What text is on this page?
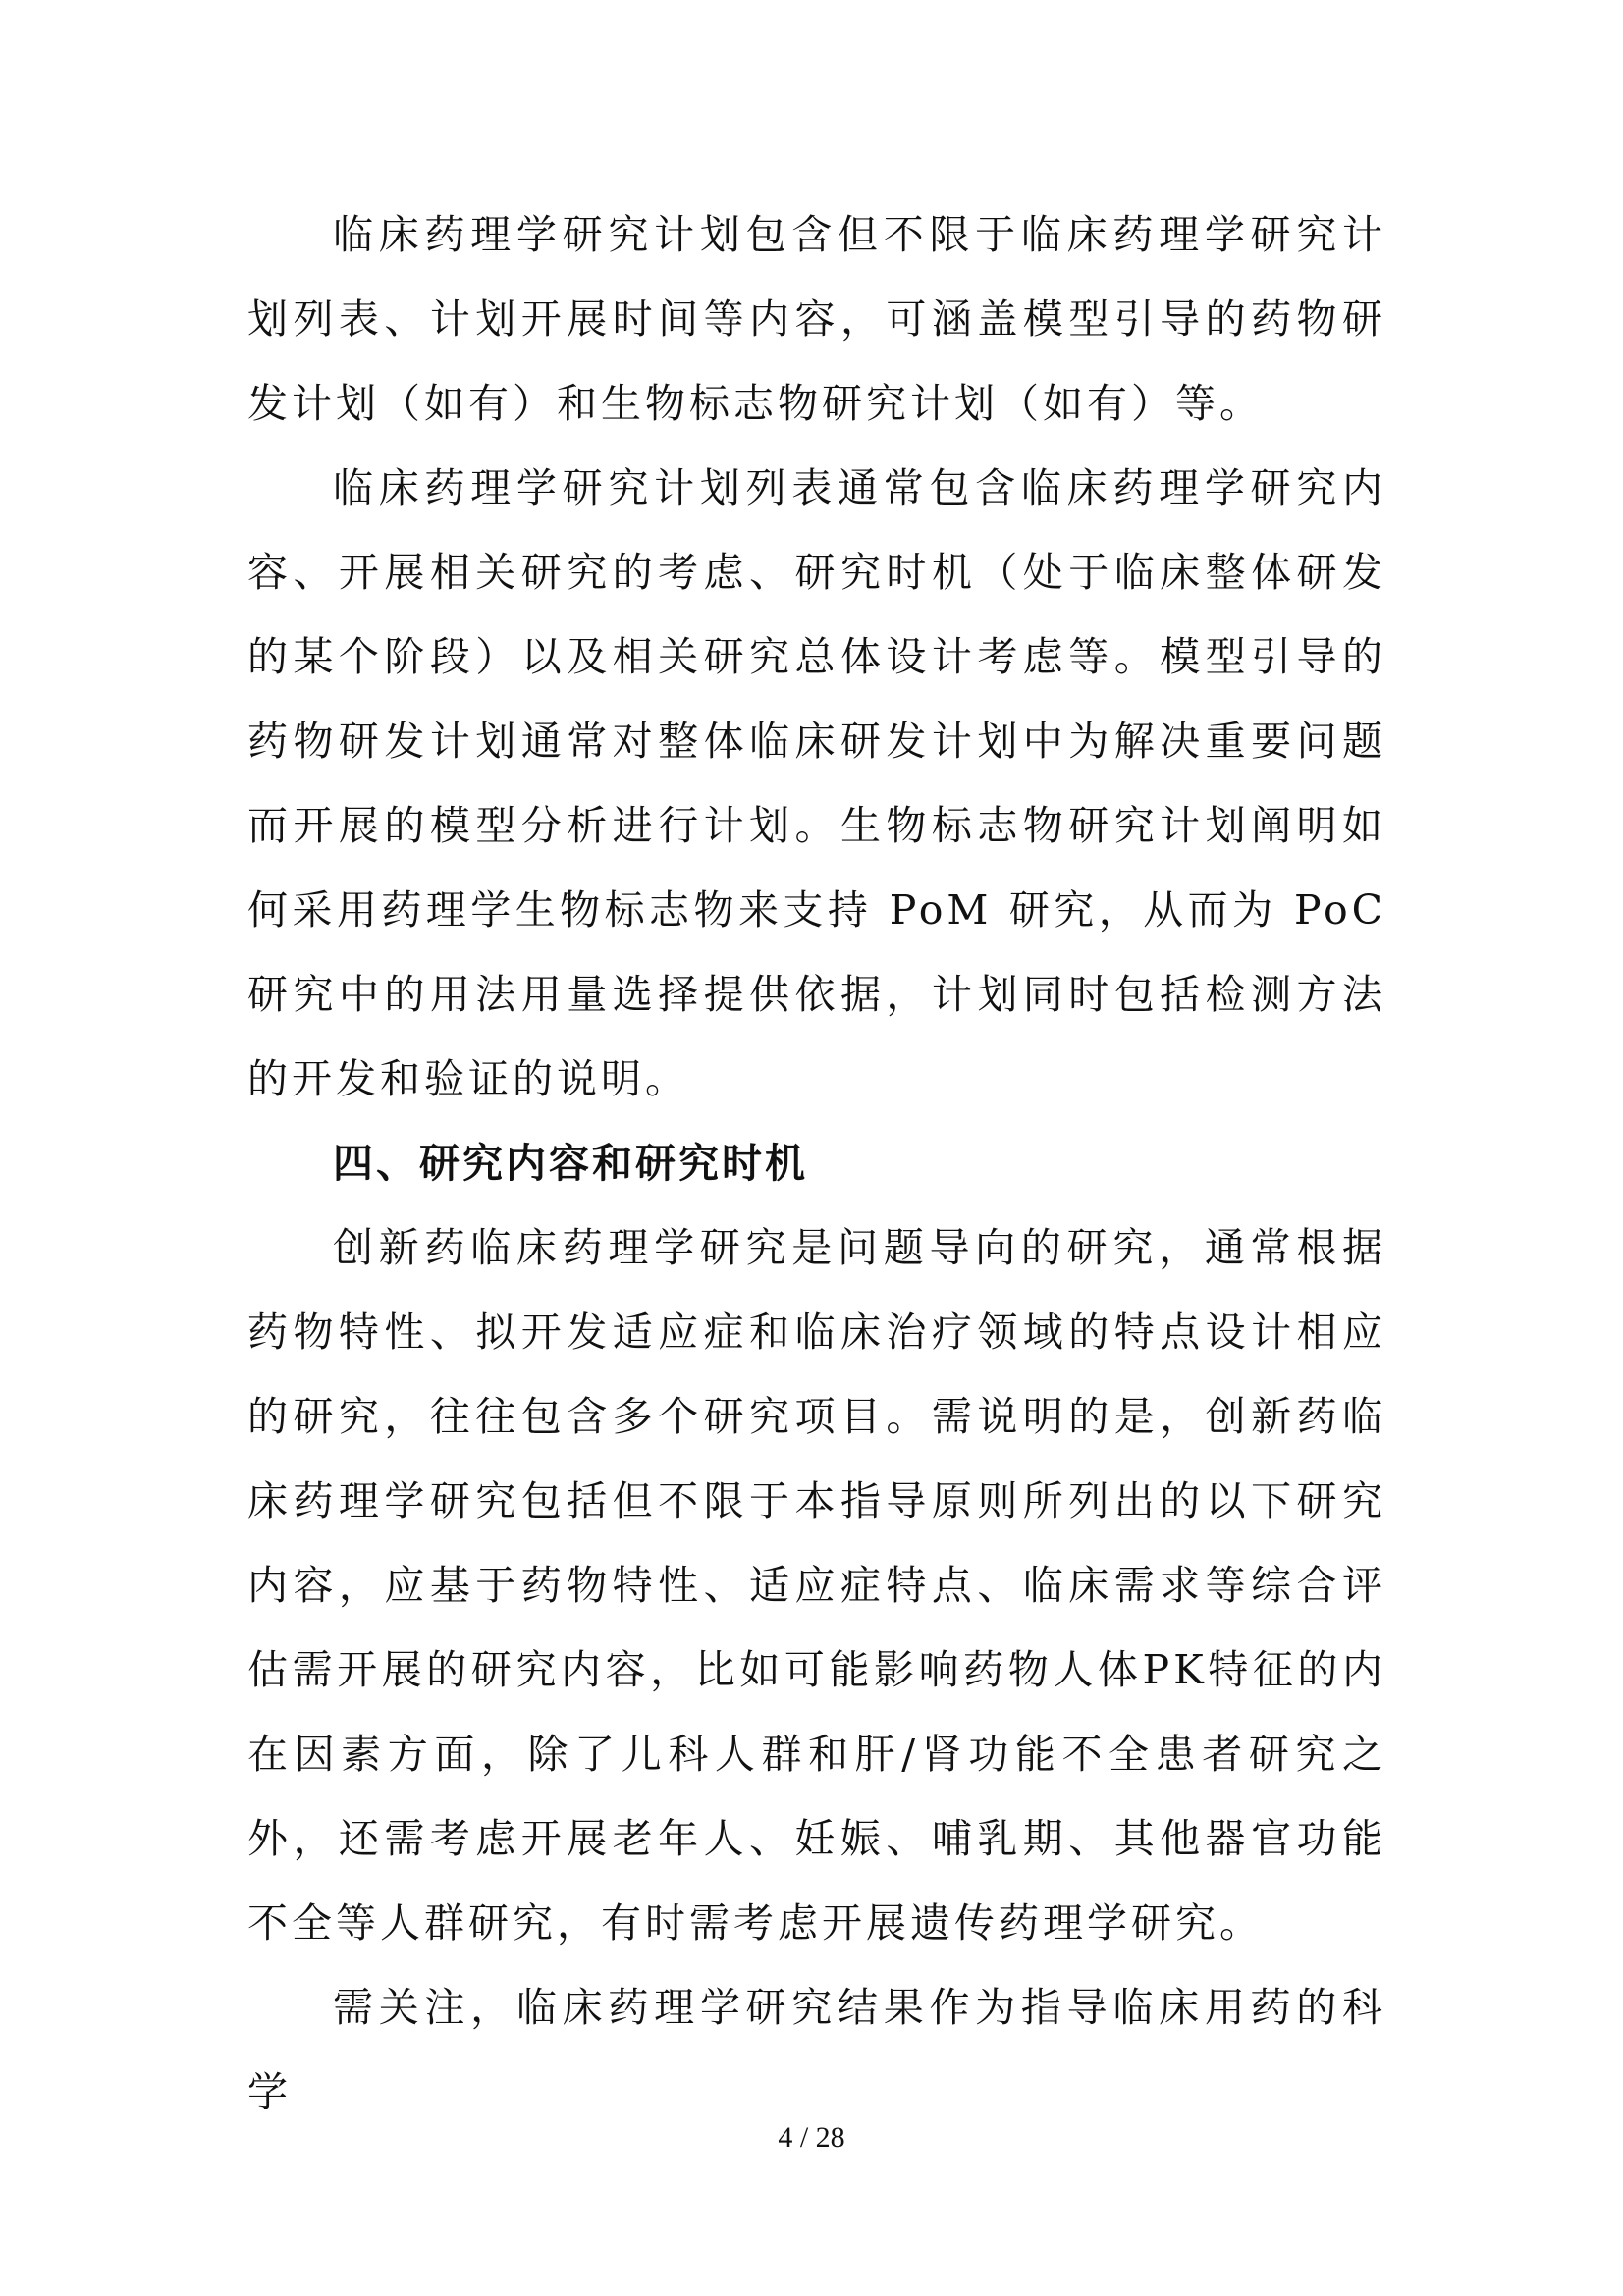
临床药理学研究计划包含但不限于临床药理学研究计划列表、计划开展时间等内容，可涵盖模型引导的药物研发计划（如有）和生物标志物研究计划（如有）等。

临床药理学研究计划列表通常包含临床药理学研究内容、开展相关研究的考虑、研究时机（处于临床整体研发的某个阶段）以及相关研究总体设计考虑等。模型引导的药物研发计划通常对整体临床研发计划中为解决重要问题而开展的模型分析进行计划。生物标志物研究计划阐明如何采用药理学生物标志物来支持 PoM 研究，从而为 PoC 研究中的用法用量选择提供依据，计划同时包括检测方法的开发和验证的说明。

四、研究内容和研究时机

创新药临床药理学研究是问题导向的研究，通常根据药物特性、拟开发适应症和临床治疗领域的特点设计相应的研究，往往包含多个研究项目。需说明的是，创新药临床药理学研究包括但不限于本指导原则所列出的以下研究内容，应基于药物特性、适应症特点、临床需求等综合评估需开展的研究内容，比如可能影响药物人体PK特征的内在因素方面，除了儿科人群和肝/肾功能不全患者研究之外，还需考虑开展老年人、妊娠、哺乳期、其他器官功能不全等人群研究，有时需考虑开展遗传药理学研究。

需关注，临床药理学研究结果作为指导临床用药的科学

4 / 28
